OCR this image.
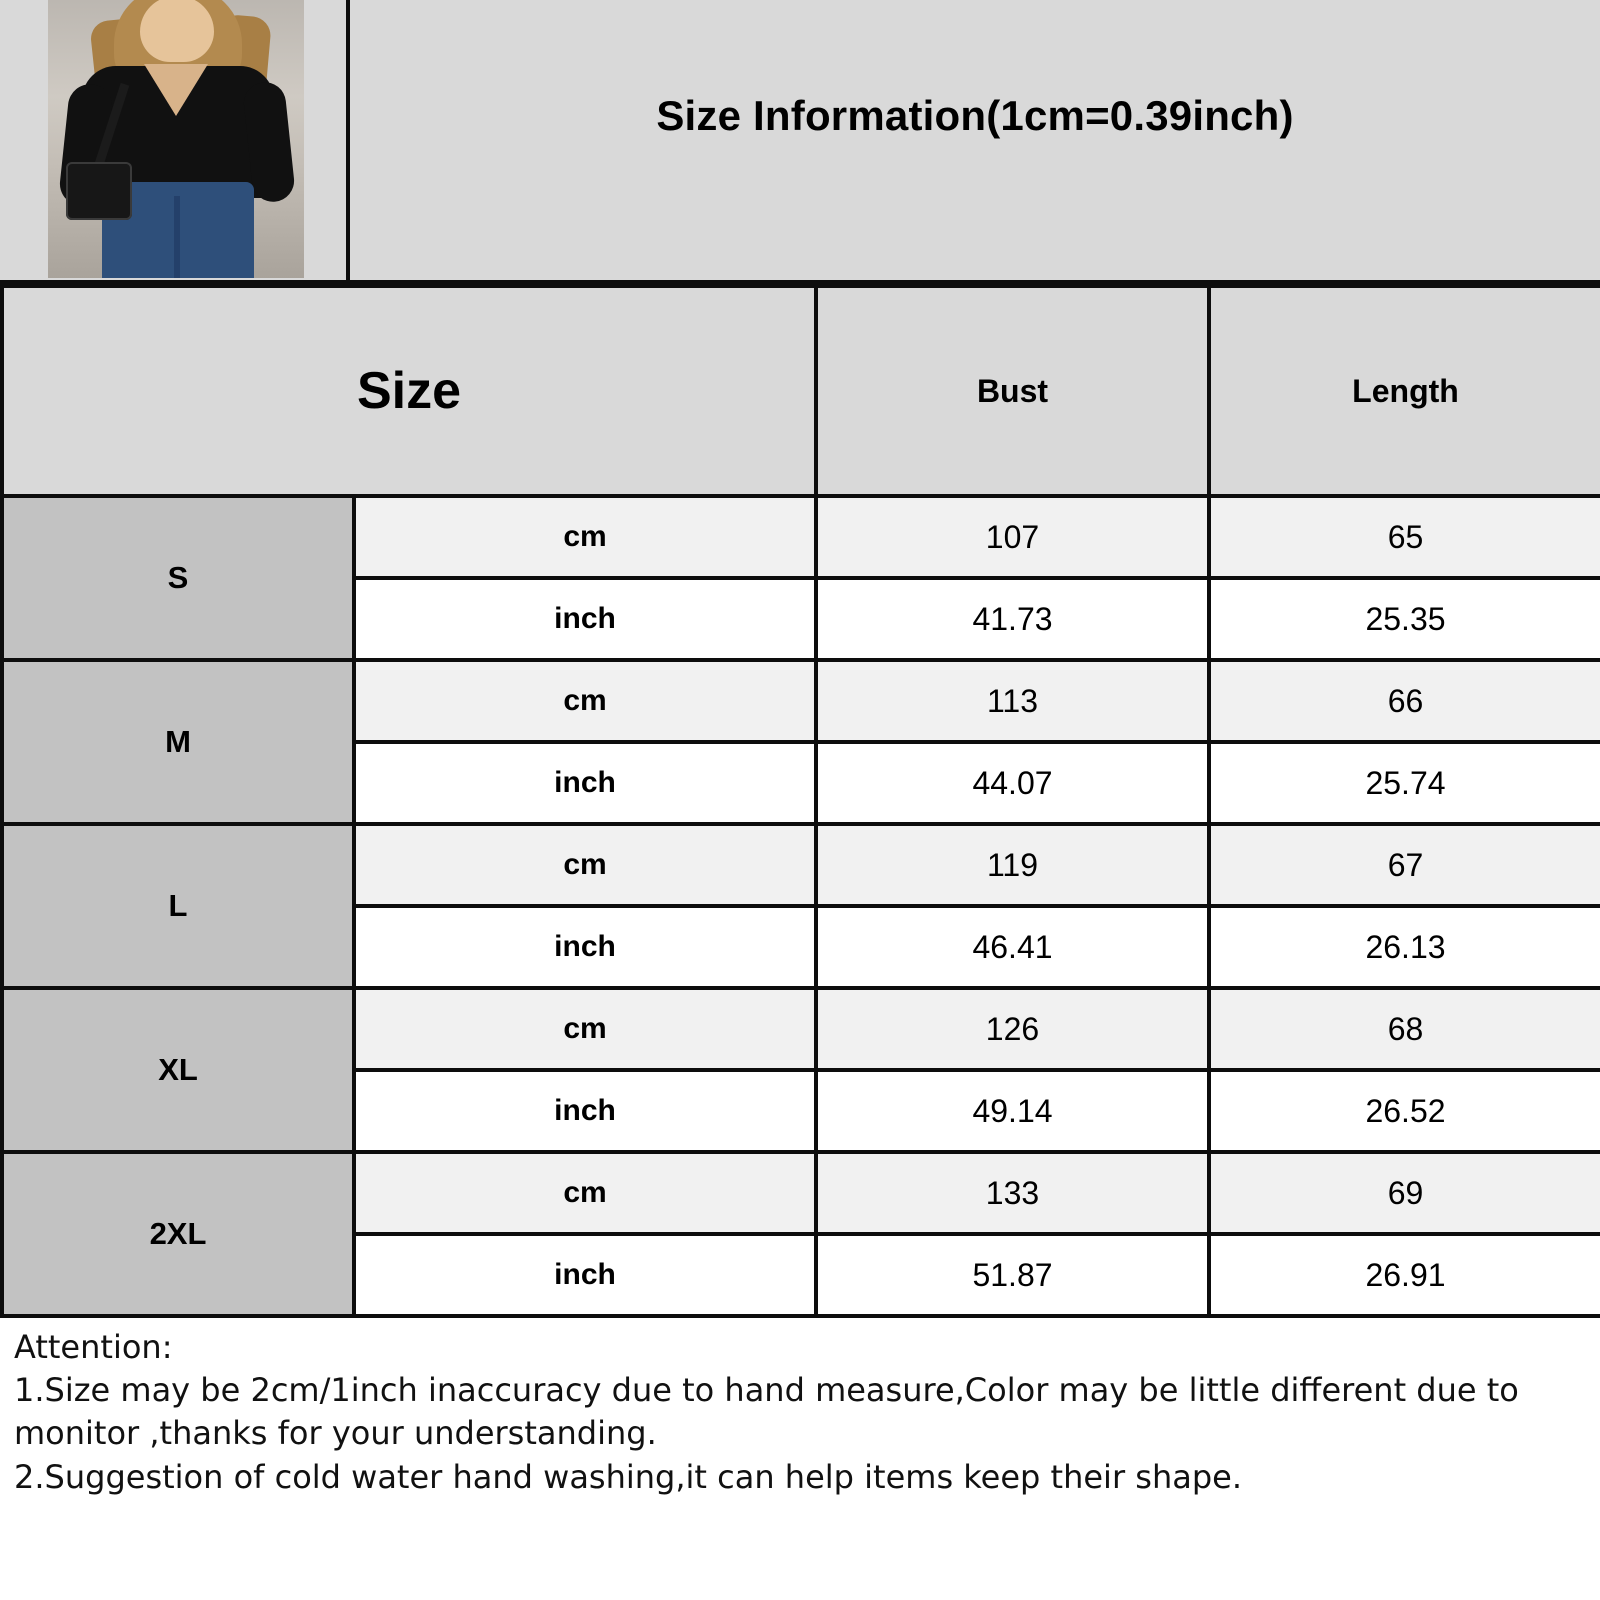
Size Information(1cm=0.39inch)
Size		Bust	Length
S	cm	107	65
	inch	41.73	25.35
M	cm	113	66
	inch	44.07	25.74
L	cm	119	67
	inch	46.41	26.13
XL	cm	126	68
	inch	49.14	26.52
2XL	cm	133	69
	inch	51.87	26.91
Attention:
1.Size may be 2cm/1inch inaccuracy due to hand measure,Color may be little different due to monitor ,thanks for your understanding.
2.Suggestion of cold water hand washing,it can help items keep their shape.
